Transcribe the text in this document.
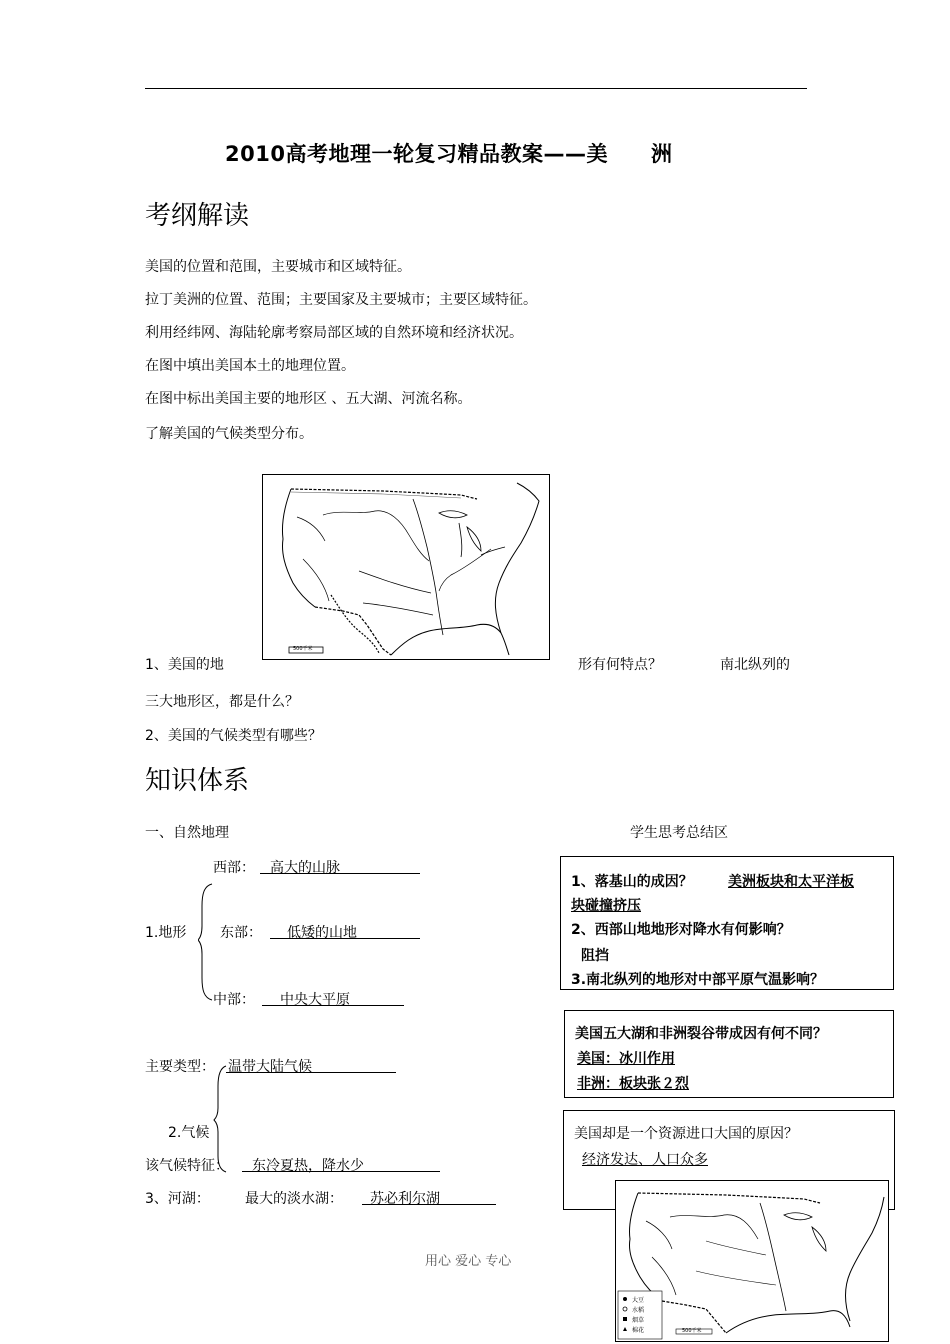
2010高考地理一轮复习精品教案——美　　洲
考纲解读
美国的位置和范围，主要城市和区域特征。
拉丁美洲的位置、范围；主要国家及主要城市；主要区域特征。
利用经纬网、海陆轮廓考察局部区域的自然环境和经济状况。
在图中填出美国本土的地理位置。
在图中标出美国主要的地形区 、五大湖、河流名称。
了解美国的气候类型分布。
500千米
1、美国的地	形有何特点？	南北纵列的
三大地形区，都是什么？
2、美国的气候类型有哪些？
知识体系
一、自然地理	学生思考总结区
西部： 高大的山脉
1.地形 东部： 低矮的山地
中部： 中央大平原
主要类型： 温带大陆气候
2.气候
该气候特征： 东冷夏热，降水少
3、河湖：	最大的淡水湖： 苏必利尔湖
1、落基山的成因？	美洲板块和太平洋板
块碰撞挤压
2、西部山地地形对降水有何影响？
阻挡
3.南北纵列的地形对中部平原气温影响？
美国五大湖和非洲裂谷带成因有何不同？
美国：冰川作用
非洲：板块张２烈
美国却是一个资源进口大国的原因？
经济发达、人口众多
大豆
水稻
烟草
棉花	500千米
用心 爱心 专心
